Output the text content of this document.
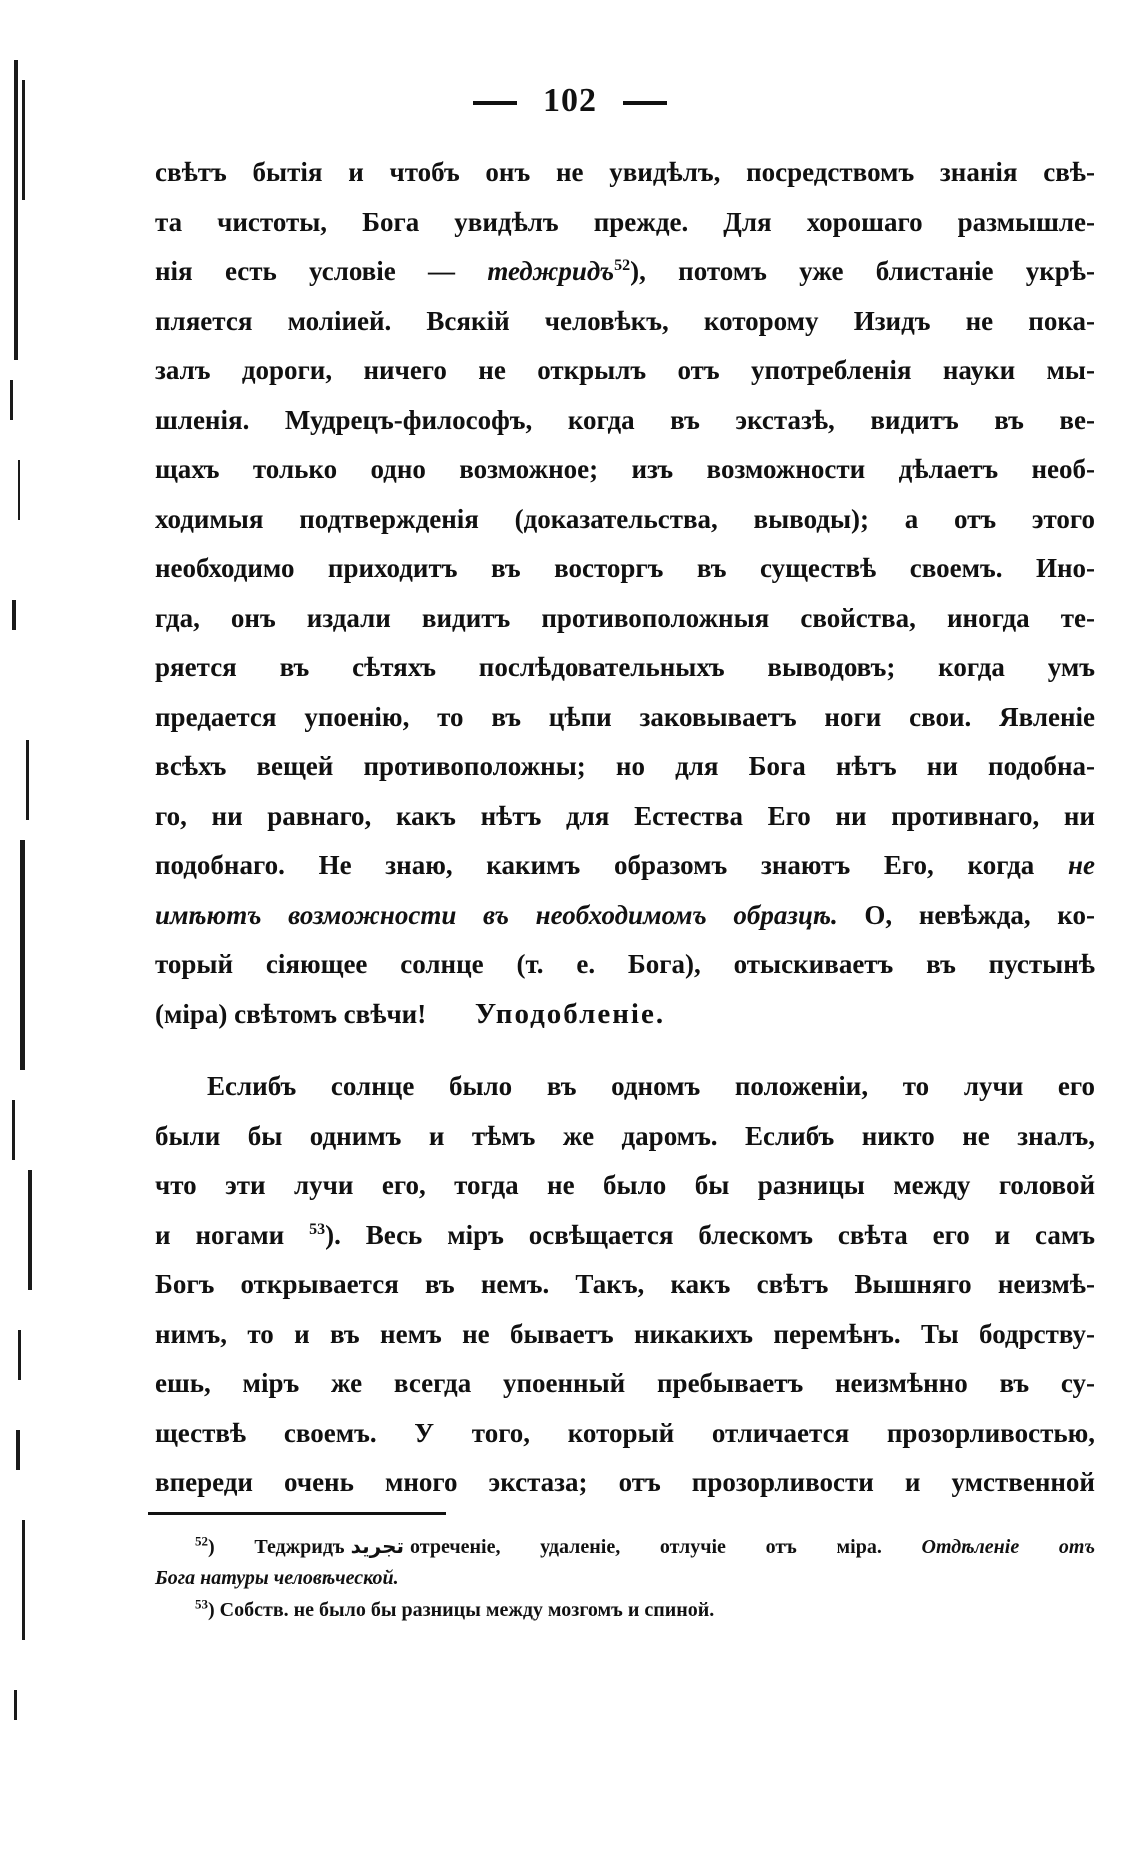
102
свѣтъ бытія и чтобъ онъ не увидѣлъ, посредствомъ знанія свѣ-
та чистоты, Бога увидѣлъ прежде. Для хорошаго размышле-
нія есть условіе — теджридъ$^{52}$), потомъ уже блистаніе укрѣ-
пляется моліией. Всякій человѣкъ, которому Изидъ не пока-
залъ дороги, ничего не открылъ отъ употребленія науки мы-
шленія. Мудрецъ-философъ, когда въ экстазѣ, видитъ въ ве-
щахъ только одно возможное; изъ возможности дѣлаетъ необ-
ходимыя подтвержденія (доказательства, выводы); а отъ этого
необходимо приходитъ въ восторгъ въ существѣ своемъ. Ино-
гда, онъ издали видитъ противоположныя свойства, иногда те-
ряется въ сѣтяхъ послѣдовательныхъ выводовъ; когда умъ
предается упоенію, то въ цѣпи заковываетъ ноги свои. Явленіе
всѣхъ вещей противоположны; но для Бога нѣтъ ни подобна-
го, ни равнаго, какъ нѣтъ для Естества Его ни противнаго, ни
подобнаго. Не знаю, какимъ образомъ знаютъ Его, когда не
имѣютъ возможности въ необходимомъ образцѣ. О, невѣжда, ко-
торый сіяющее солнце (т. е. Бога), отыскиваетъ въ пустынѣ
(міра) свѣтомъ свѣчи!	Уподобленіе.
Еслибъ солнце было въ одномъ положеніи, то лучи его
были бы однимъ и тѣмъ же даромъ. Еслибъ никто не зналъ,
что эти лучи его, тогда не было бы разницы между головой
и ногами $^{53}$). Весь міръ освѣщается блескомъ свѣта его и самъ
Богъ открывается въ немъ. Такъ, какъ свѣтъ Вышняго неизмѣ-
нимъ, то и въ немъ не бываетъ никакихъ перемѣнъ. Ты бодрству-
ешь, міръ же всегда упоенный пребываетъ неизмѣнно въ су-
ществѣ своемъ. У того, который отличается прозорливостью,
впереди очень много экстаза; отъ прозорливости и умственной
$^{52}$) Теджридъ تجريد отреченіе, удаленіе, отлучіе отъ міра. Отдѣленіе отъ
Бога натуры человѣческой.
$^{53}$) Собств. не было бы разницы между мозгомъ и спиной.
